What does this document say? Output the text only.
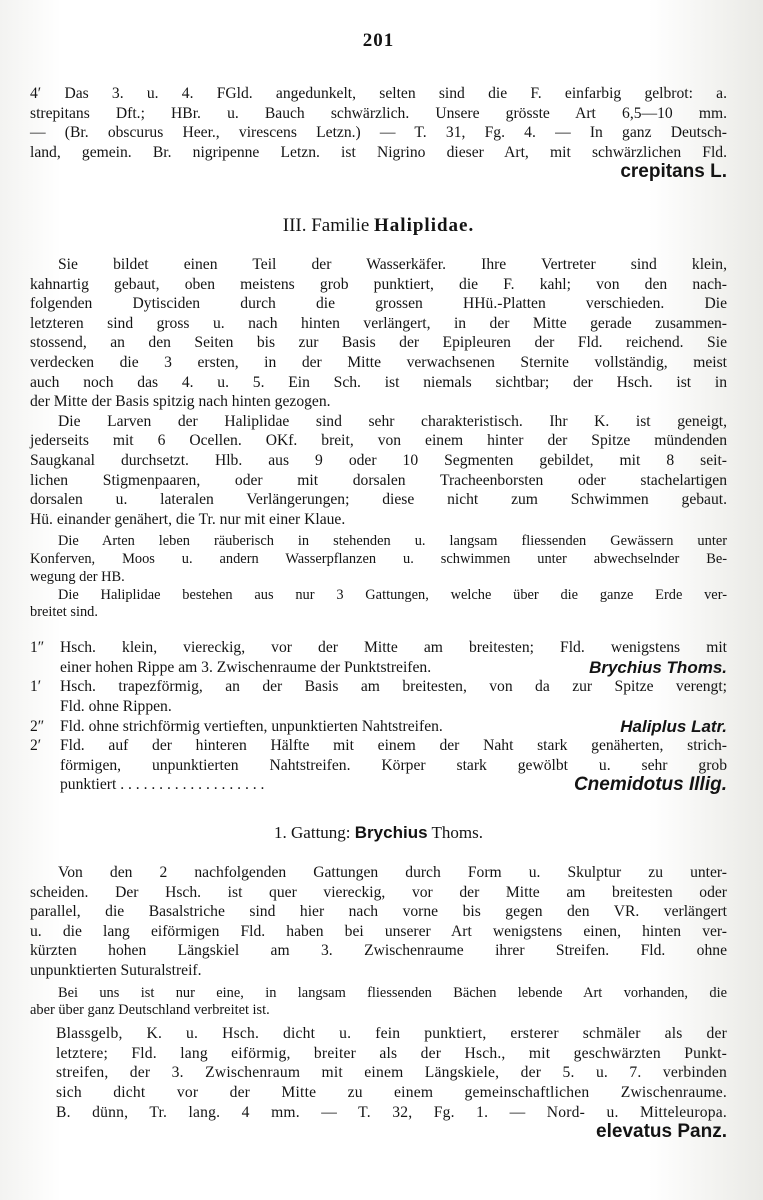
201
4′ Das 3. u. 4. FGld. angedunkelt, selten sind die F. einfarbig gelbrot: a.
strepitans Dft.; HBr. u. Bauch schwärzlich. Unsere grösste Art 6,5—10 mm.
— (Br. obscurus Heer., virescens Letzn.) — T. 31, Fg. 4. — In ganz Deutsch-
land, gemein. Br. nigripenne Letzn. ist Nigrino dieser Art, mit schwärzlichen Fld.
crepitans L.
III. Familie Haliplidae.
Sie bildet einen Teil der Wasserkäfer. Ihre Vertreter sind klein,
kahnartig gebaut, oben meistens grob punktiert, die F. kahl; von den nach-
folgenden Dytisciden durch die grossen HHü.-Platten verschieden. Die
letzteren sind gross u. nach hinten verlängert, in der Mitte gerade zusammen-
stossend, an den Seiten bis zur Basis der Epipleuren der Fld. reichend. Sie
verdecken die 3 ersten, in der Mitte verwachsenen Sternite vollständig, meist
auch noch das 4. u. 5. Ein Sch. ist niemals sichtbar; der Hsch. ist in
der Mitte der Basis spitzig nach hinten gezogen.
Die Larven der Haliplidae sind sehr charakteristisch. Ihr K. ist geneigt,
jederseits mit 6 Ocellen. OKf. breit, von einem hinter der Spitze mündenden
Saugkanal durchsetzt. Hlb. aus 9 oder 10 Segmenten gebildet, mit 8 seit-
lichen Stigmenpaaren, oder mit dorsalen Tracheenborsten oder stachelartigen
dorsalen u. lateralen Verlängerungen; diese nicht zum Schwimmen gebaut.
Hü. einander genähert, die Tr. nur mit einer Klaue.
Die Arten leben räuberisch in stehenden u. langsam fliessenden Gewässern unter
Konferven, Moos u. andern Wasserpflanzen u. schwimmen unter abwechselnder Be-
wegung der HB.
Die Haliplidae bestehen aus nur 3 Gattungen, welche über die ganze Erde ver-
breitet sind.
1″	Hsch. klein, viereckig, vor der Mitte am breitesten; Fld. wenigstens mit
einer hohen Rippe am 3. Zwischenraume der Punktstreifen.	Brychius Thoms.
1′	Hsch. trapezförmig, an der Basis am breitesten, von da zur Spitze verengt;
Fld. ohne Rippen.
2″	Fld. ohne strichförmig vertieften, unpunktierten Nahtstreifen.	Haliplus Latr.
2′	Fld. auf der hinteren Hälfte mit einem der Naht stark genäherten, strich-
förmigen, unpunktierten Nahtstreifen. Körper stark gewölbt u. sehr grob
punktiert . . . . . . . . . . . . . . . . . . .	Cnemidotus Illig.
1. Gattung: Brychius Thoms.
Von den 2 nachfolgenden Gattungen durch Form u. Skulptur zu unter-
scheiden. Der Hsch. ist quer viereckig, vor der Mitte am breitesten oder
parallel, die Basalstriche sind hier nach vorne bis gegen den VR. verlängert
u. die lang eiförmigen Fld. haben bei unserer Art wenigstens einen, hinten ver-
kürzten hohen Längskiel am 3. Zwischenraume ihrer Streifen. Fld. ohne
unpunktierten Suturalstreif.
Bei uns ist nur eine, in langsam fliessenden Bächen lebende Art vorhanden, die
aber über ganz Deutschland verbreitet ist.
Blassgelb, K. u. Hsch. dicht u. fein punktiert, ersterer schmäler als der
letztere; Fld. lang eiförmig, breiter als der Hsch., mit geschwärzten Punkt-
streifen, der 3. Zwischenraum mit einem Längskiele, der 5. u. 7. verbinden
sich dicht vor der Mitte zu einem gemeinschaftlichen Zwischenraume.
B. dünn, Tr. lang. 4 mm. — T. 32, Fg. 1. — Nord- u. Mitteleuropa.
elevatus Panz.
